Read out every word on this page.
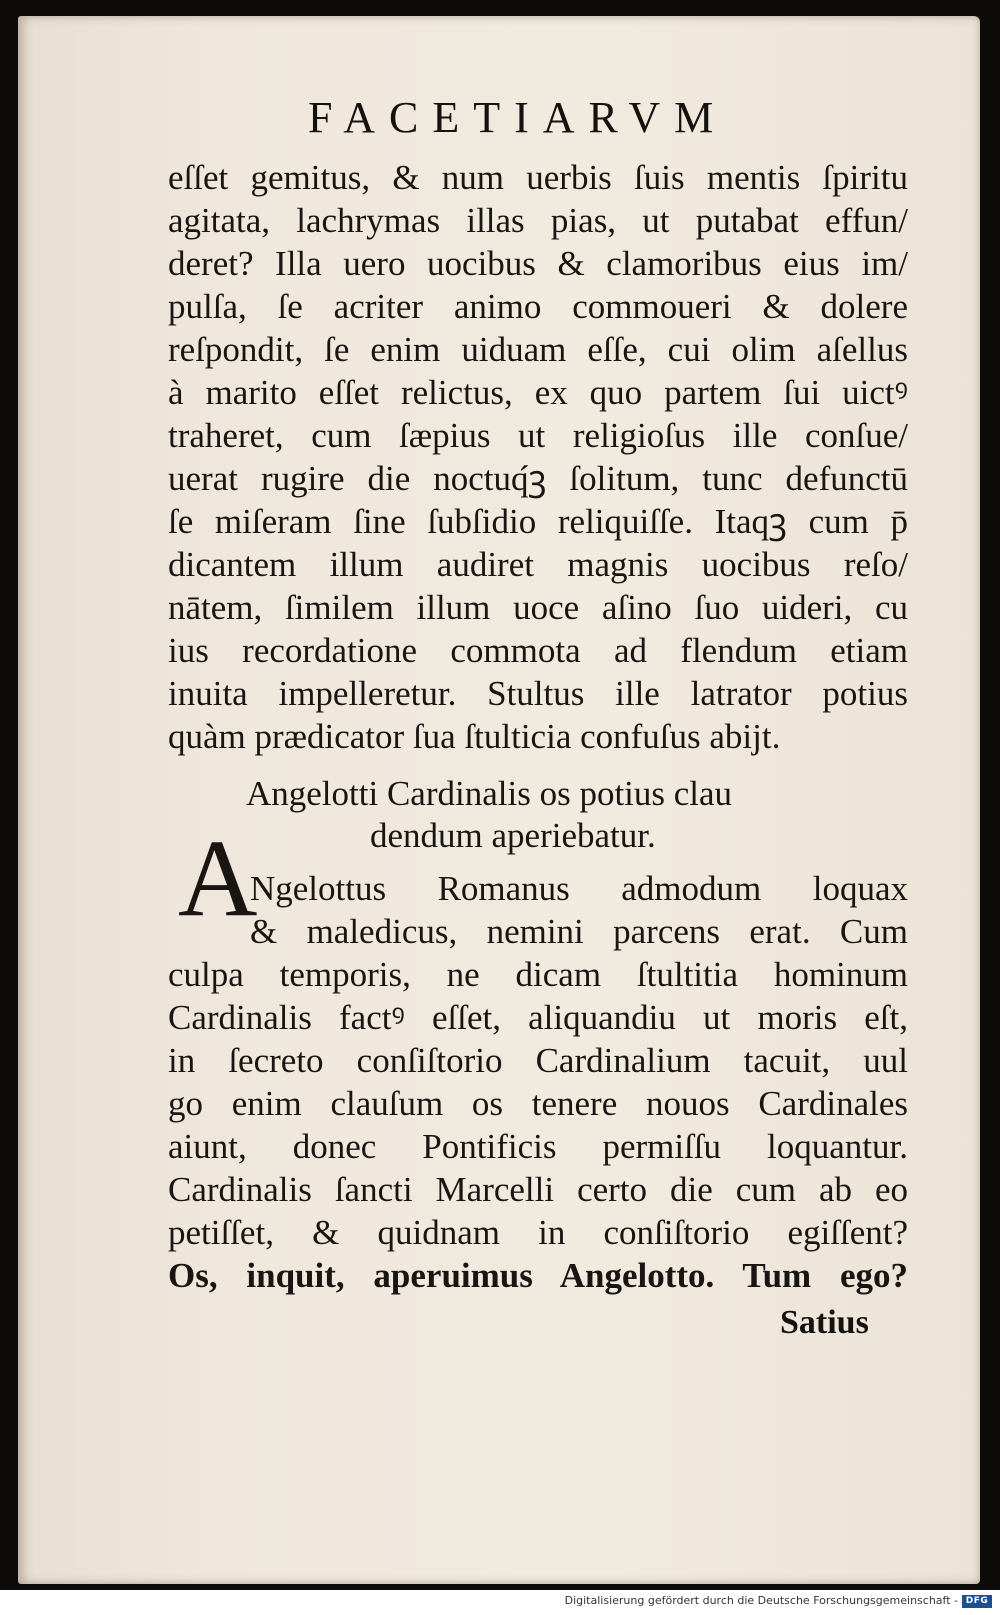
FACETIARVM
eſſet gemitus, & num uerbis ſuis mentis ſpiritu
agitata, lachrymas illas pias, ut putabat effun/
deret? Illa uero uocibus & clamoribus eius im/
pulſa, ſe acriter animo commoueri & dolere
reſpondit, ſe enim uiduam eſſe, cui olim aſellus
à marito eſſet relictus, ex quo partem ſui uictꝰ
traheret, cum ſæpius ut religioſus ille conſue/
uerat rugire die noctuq́ꝫ ſolitum, tunc defunctū
ſe miſeram ſine ſubſidio reliquiſſe. Itaqꝫ cum p̄
dicantem illum audiret magnis uocibus reſo/
nātem, ſimilem illum uoce aſino ſuo uideri, cu
ius recordatione commota ad flendum etiam
inuita impelleretur. Stultus ille latrator potius
quàm prædicator ſua ſtulticia confuſus abijt.
Angelotti Cardinalis os potius clau
dendum aperiebatur.
A
Ngelottus Romanus admodum loquax
& maledicus, nemini parcens erat. Cum
culpa temporis, ne dicam ſtultitia hominum
Cardinalis factꝰ eſſet, aliquandiu ut moris eſt,
in ſecreto conſiſtorio Cardinalium tacuit, uul
go enim clauſum os tenere nouos Cardinales
aiunt, donec Pontificis permiſſu loquantur.
Cardinalis ſancti Marcelli certo die cum ab eo
petiſſet, & quidnam in conſiſtorio egiſſent?
Os, inquit, aperuimus Angelotto. Tum ego?
Satius
Digitalisierung gefördert durch die Deutsche Forschungsgemeinschaft - DFG
